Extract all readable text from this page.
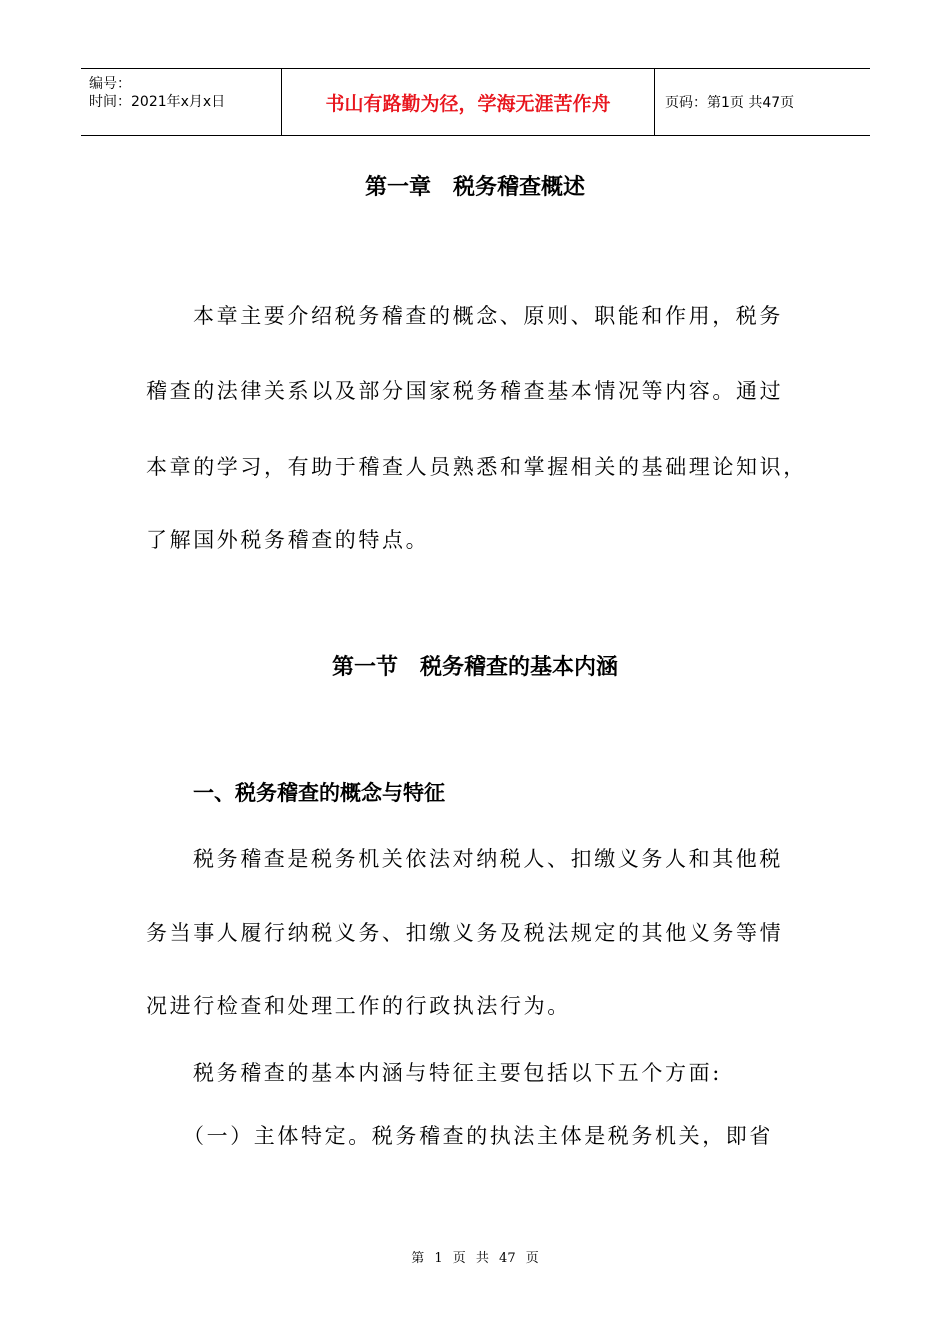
编号：
时间：2021年x月x日	书山有路勤为径，学海无涯苦作舟	页码：第1页 共47页
第一章　税务稽查概述
本章主要介绍税务稽查的概念、原则、职能和作用，税务
稽查的法律关系以及部分国家税务稽查基本情况等内容。通过
本章的学习，有助于稽查人员熟悉和掌握相关的基础理论知识，
了解国外税务稽查的特点。
第一节　税务稽查的基本内涵
一、税务稽查的概念与特征
税务稽查是税务机关依法对纳税人、扣缴义务人和其他税
务当事人履行纳税义务、扣缴义务及税法规定的其他义务等情
况进行检查和处理工作的行政执法行为。
税务稽查的基本内涵与特征主要包括以下五个方面:
（一）主体特定。税务稽查的执法主体是税务机关，即省
第 1 页 共 47 页
